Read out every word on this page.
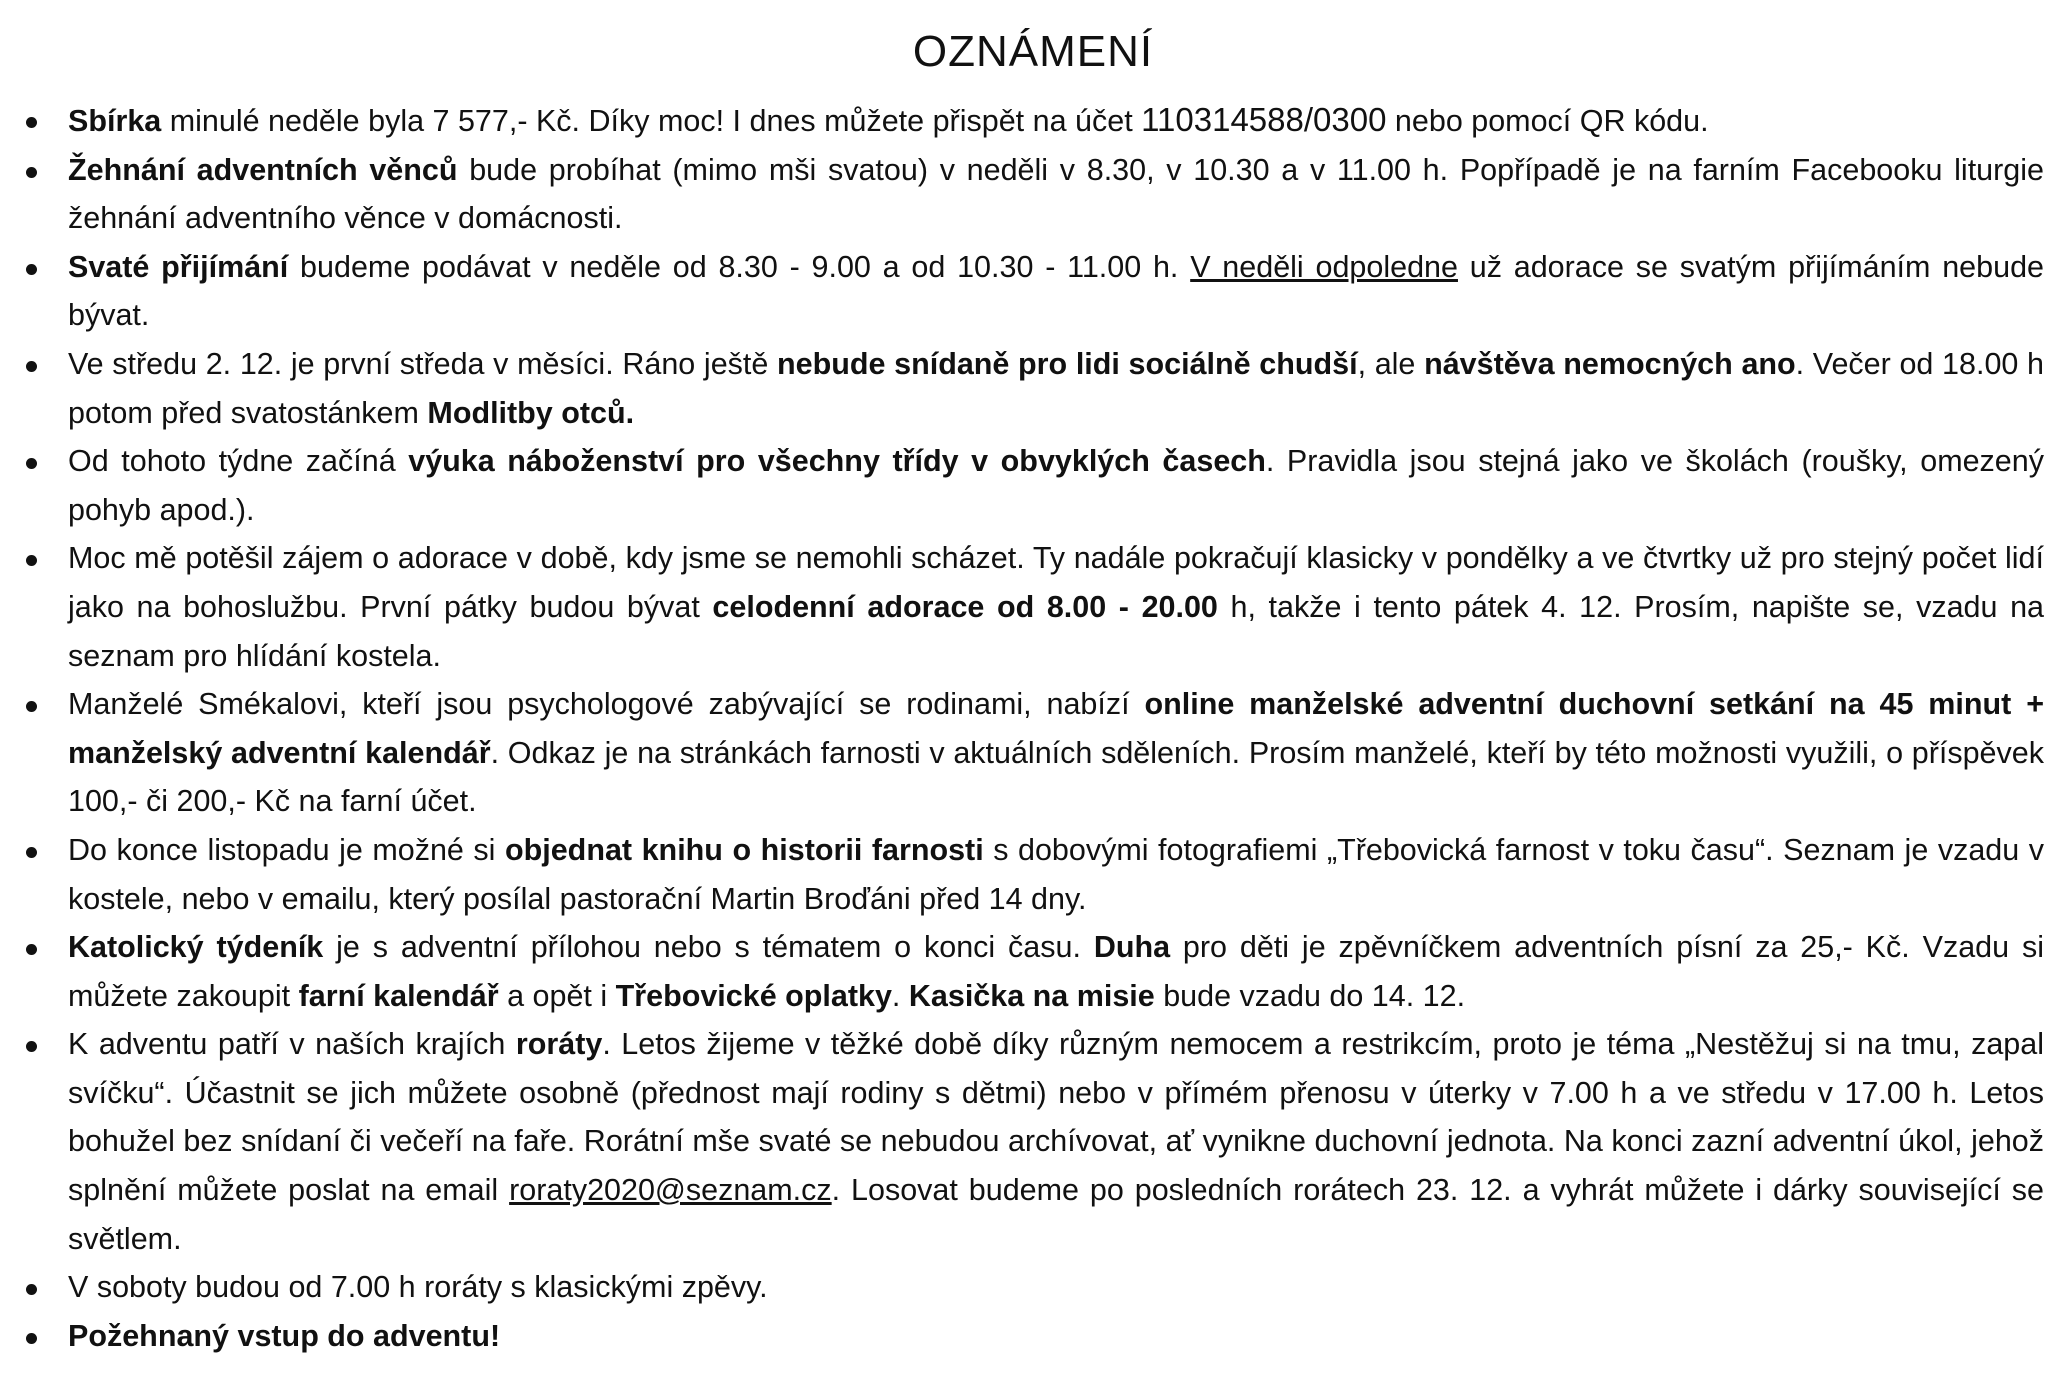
OZNÁMENÍ
Sbírka minulé neděle byla 7 577,- Kč. Díky moc! I dnes můžete přispět na účet 110314588/0300 nebo pomocí QR kódu.
Žehnání adventních věnců bude probíhat (mimo mši svatou) v neděli v 8.30, v 10.30 a v 11.00 h. Popřípadě je na farním Facebooku liturgie žehnání adventního věnce v domácnosti.
Svaté přijímání budeme podávat v neděle od 8.30 - 9.00 a od 10.30 - 11.00 h. V neděli odpoledne už adorace se svatým přijímáním nebude bývat.
Ve středu 2. 12. je první středa v měsíci. Ráno ještě nebude snídaně pro lidi sociálně chudší, ale návštěva nemocných ano. Večer od 18.00 h potom před svatostánkem Modlitby otců.
Od tohoto týdne začíná výuka náboženství pro všechny třídy v obvyklých časech. Pravidla jsou stejná jako ve školách (roušky, omezený pohyb apod.).
Moc mě potěšil zájem o adorace v době, kdy jsme se nemohli scházet. Ty nadále pokračují klasicky v pondělky a ve čtvrtky už pro stejný počet lidí jako na bohoslužbu. První pátky budou bývat celodenní adorace od 8.00 - 20.00 h, takže i tento pátek 4. 12. Prosím, napište se, vzadu na seznam pro hlídání kostela.
Manželé Smékalovi, kteří jsou psychologové zabývající se rodinami, nabízí online manželské adventní duchovní setkání na 45 minut + manželský adventní kalendář. Odkaz je na stránkách farnosti v aktuálních sděleních. Prosím manželé, kteří by této možnosti využili, o příspěvek 100,- či 200,- Kč na farní účet.
Do konce listopadu je možné si objednat knihu o historii farnosti s dobovými fotografiemi „Třebovická farnost v toku času“. Seznam je vzadu v kostele, nebo v emailu, který posílal pastorační Martin Broďáni před 14 dny.
Katolický týdeník je s adventní přílohou nebo s tématem o konci času. Duha pro děti je zpěvníčkem adventních písní za 25,- Kč. Vzadu si můžete zakoupit farní kalendář a opět i Třebovické oplatky. Kasička na misie bude vzadu do 14. 12.
K adventu patří v naších krajích roráty. Letos žijeme v těžké době díky různým nemocem a restrikcím, proto je téma „Nestěžuj si na tmu, zapal svíčku“. Účastnit se jich můžete osobně (přednost mají rodiny s dětmi) nebo v přímém přenosu v úterky v 7.00 h a ve středu v 17.00 h. Letos bohužel bez snídaní či večeří na faře. Rorátní mše svaté se nebudou archívovat, ať vynikne duchovní jednota. Na konci zazní adventní úkol, jehož splnění můžete poslat na email roraty2020@seznam.cz. Losovat budeme po posledních rorátech 23. 12. a vyhrát můžete i dárky související se světlem.
V soboty budou od 7.00 h roráty s klasickými zpěvy.
Požehnaný vstup do adventu!
